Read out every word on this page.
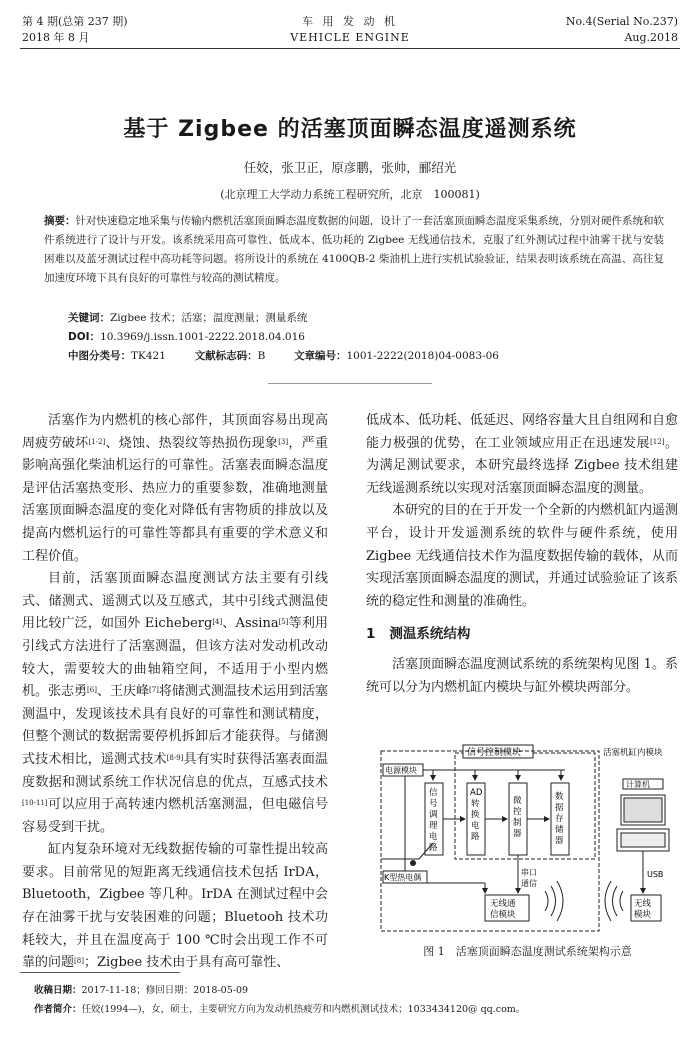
第 4 期(总第 237 期)
2018 年 8 月
车 用 发 动 机
VEHICLE ENGINE
No.4(Serial No.237)
Aug.2018
基于 Zigbee 的活塞顶面瞬态温度遥测系统
任姣，张卫正，原彦鹏，张帅，郦绍光
(北京理工大学动力系统工程研究所，北京　100081)
摘要：针对快速稳定地采集与传输内燃机活塞顶面瞬态温度数据的问题，设计了一套活塞顶面瞬态温度采集系统，分别对硬件系统和软件系统进行了设计与开发。该系统采用高可靠性、低成本、低功耗的 Zigbee 无线通信技术，克服了红外测试过程中油雾干扰与安装困难以及蓝牙测试过程中高功耗等问题。将所设计的系统在 4100QB-2 柴油机上进行实机试验验证，结果表明该系统在高温、高往复加速度环境下具有良好的可靠性与较高的测试精度。
关键词：Zigbee 技术；活塞；温度测量；测量系统
DOI：10.3969/j.issn.1001-2222.2018.04.016
中图分类号：TK421	文献标志码：B	文章编号：1001-2222(2018)04-0083-06

活塞作为内燃机的核心部件，其顶面容易出现高周疲劳破坏[1-2]、烧蚀、热裂纹等热损伤现象[3]，严重影响高强化柴油机运行的可靠性。活塞表面瞬态温度是评估活塞热变形、热应力的重要参数，准确地测量活塞顶面瞬态温度的变化对降低有害物质的排放以及提高内燃机运行的可靠性等都具有重要的学术意义和工程价值。

目前，活塞顶面瞬态温度测试方法主要有引线式、储测式、遥测式以及互感式，其中引线式测温使用比较广泛，如国外 Eicheberg[4]、Assina[5]等利用引线式方法进行了活塞测温，但该方法对发动机改动较大，需要较大的曲轴箱空间，不适用于小型内燃机。张志勇[6]、王庆峰[7]将储测式测温技术运用到活塞测温中，发现该技术具有良好的可靠性和测试精度，但整个测试的数据需要停机拆卸后才能获得。与储测式技术相比，遥测式技术[8-9]具有实时获得活塞表面温度数据和测试系统工作状况信息的优点，互感式技术[10-11]可以应用于高转速内燃机活塞测温，但电磁信号容易受到干扰。

缸内复杂环境对无线数据传输的可靠性提出较高要求。目前常见的短距离无线通信技术包括 IrDA，Bluetooth，Zigbee 等几种。IrDA 在测试过程中会存在油雾干扰与安装困难的问题；Bluetooh 技术功耗较大，并且在温度高于 100 ℃时会出现工作不可靠的问题[8]；Zigbee 技术由于具有高可靠性、

低成本、低功耗、低延迟、网络容量大且自组网和自愈能力极强的优势，在工业领域应用正在迅速发展[12]。为满足测试要求，本研究最终选择 Zigbee 技术组建无线遥测系统以实现对活塞顶面瞬态温度的测量。

本研究的目的在于开发一个全新的内燃机缸内遥测平台，设计开发遥测系统的软件与硬件系统，使用 Zigbee 无线通信技术作为温度数据传输的载体，从而实现活塞顶面瞬态温度的测试，并通过试验验证了该系统的稳定性和测量的准确性。

1 测温系统结构

活塞顶面瞬态温度测试系统的系统架构见图 1。系统可以分为内燃机缸内模块与缸外模块两部分。

信号控制模块	活塞机缸内模块
电源模块
信号调理电路
AD 转换电路
微控制器
数据存储器
K型热电偶
串口通信
无线通信模块
计算机
USB
无线模块
图 1　活塞顶面瞬态温度测试系统架构示意
收稿日期：2017-11-18；修回日期：2018-05-09
作者简介：任姣(1994—)，女，硕士，主要研究方向为发动机热疲劳和内燃机测试技术；1033434120@ qq.com。
